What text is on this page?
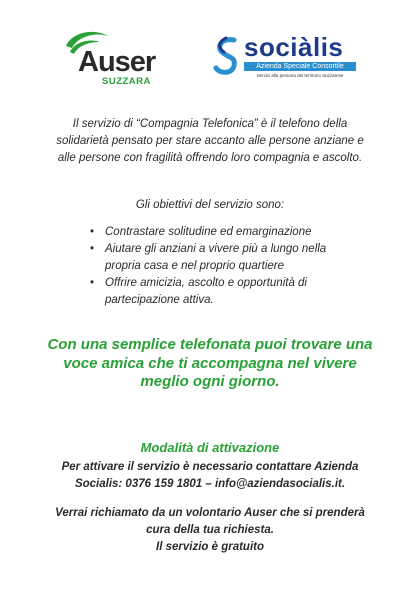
Auser
SUZZARA
sociàlis
Azienda Speciale Consortile
Servizi alla persona del territorio Suzzarese
Il servizio di “Compagnia Telefonica” è il telefono della solidarietà pensato per stare accanto alle persone anziane e alle persone con fragilità offrendo loro compagnia e ascolto.
Gli obiettivi del servizio sono:
• Contrastare solitudine ed emarginazione
• Aiutare gli anziani a vivere più a lungo nella propria casa e nel proprio quartiere
• Offrire amicizia, ascolto e opportunità di partecipazione attiva.
Con una semplice telefonata puoi trovare una voce amica che ti accompagna nel vivere meglio ogni giorno.
Modalità di attivazione
Per attivare il servizio è necessario contattare Azienda Socialis: 0376 159 1801 – info@aziendasocialis.it.
Verrai richiamato da un volontario Auser che si prenderà cura della tua richiesta.
Il servizio è gratuito
